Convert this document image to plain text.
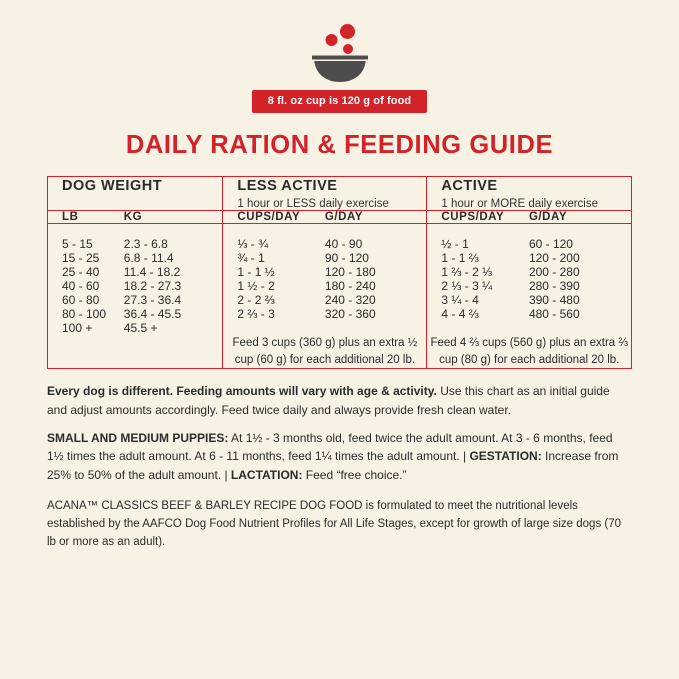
8 fl. oz cup is 120 g of food
DAILY RATION & FEEDING GUIDE
DOG WEIGHT	LESS ACTIVE
1 hour or LESS daily exercise

ACTIVE
1 hour or MORE daily exercise

LB	KG	CUPS/DAY	G/DAY	CUPS/DAY	G/DAY
5 - 15	2.3 - 6.8	⅓ - ¾	40 - 90	½ - 1	60 - 120
15 - 25	6.8 - 11.4	¾ - 1	90 - 120	1 - 1 ⅔	120 - 200
25 - 40	11.4 - 18.2	1 - 1 ½	120 - 180	1 ⅔ - 2 ⅓	200 - 280
40 - 60	18.2 - 27.3	1 ½ - 2	180 - 240	2 ⅓ - 3 ¼	280 - 390
60 - 80	27.3 - 36.4	2 - 2 ⅔	240 - 320	3 ¼ - 4	390 - 480
80 - 100	36.4 - 45.5	2 ⅔ - 3	320 - 360	4 - 4 ⅔	480 - 560
100 +	45.5 +				
		Feed 3 cups (360 g) plus an extra ½ cup (60 g) for each additional 20 lb.		Feed 4 ⅔ cups (560 g) plus an extra ⅔ cup (80 g) for each additional 20 lb.	

Every dog is different. Feeding amounts will vary with age & activity. Use this chart as an initial guide and adjust amounts accordingly. Feed twice daily and always provide fresh clean water.

SMALL AND MEDIUM PUPPIES: At 1½ - 3 months old, feed twice the adult amount. At 3 - 6 months, feed 1½ times the adult amount. At 6 - 11 months, feed 1¼ times the adult amount. | GESTATION: Increase from 25% to 50% of the adult amount. | LACTATION: Feed “free choice.”

ACANA™ CLASSICS BEEF & BARLEY RECIPE DOG FOOD is formulated to meet the nutritional levels established by the AAFCO Dog Food Nutrient Profiles for All Life Stages, except for growth of large size dogs (70 lb or more as an adult).
